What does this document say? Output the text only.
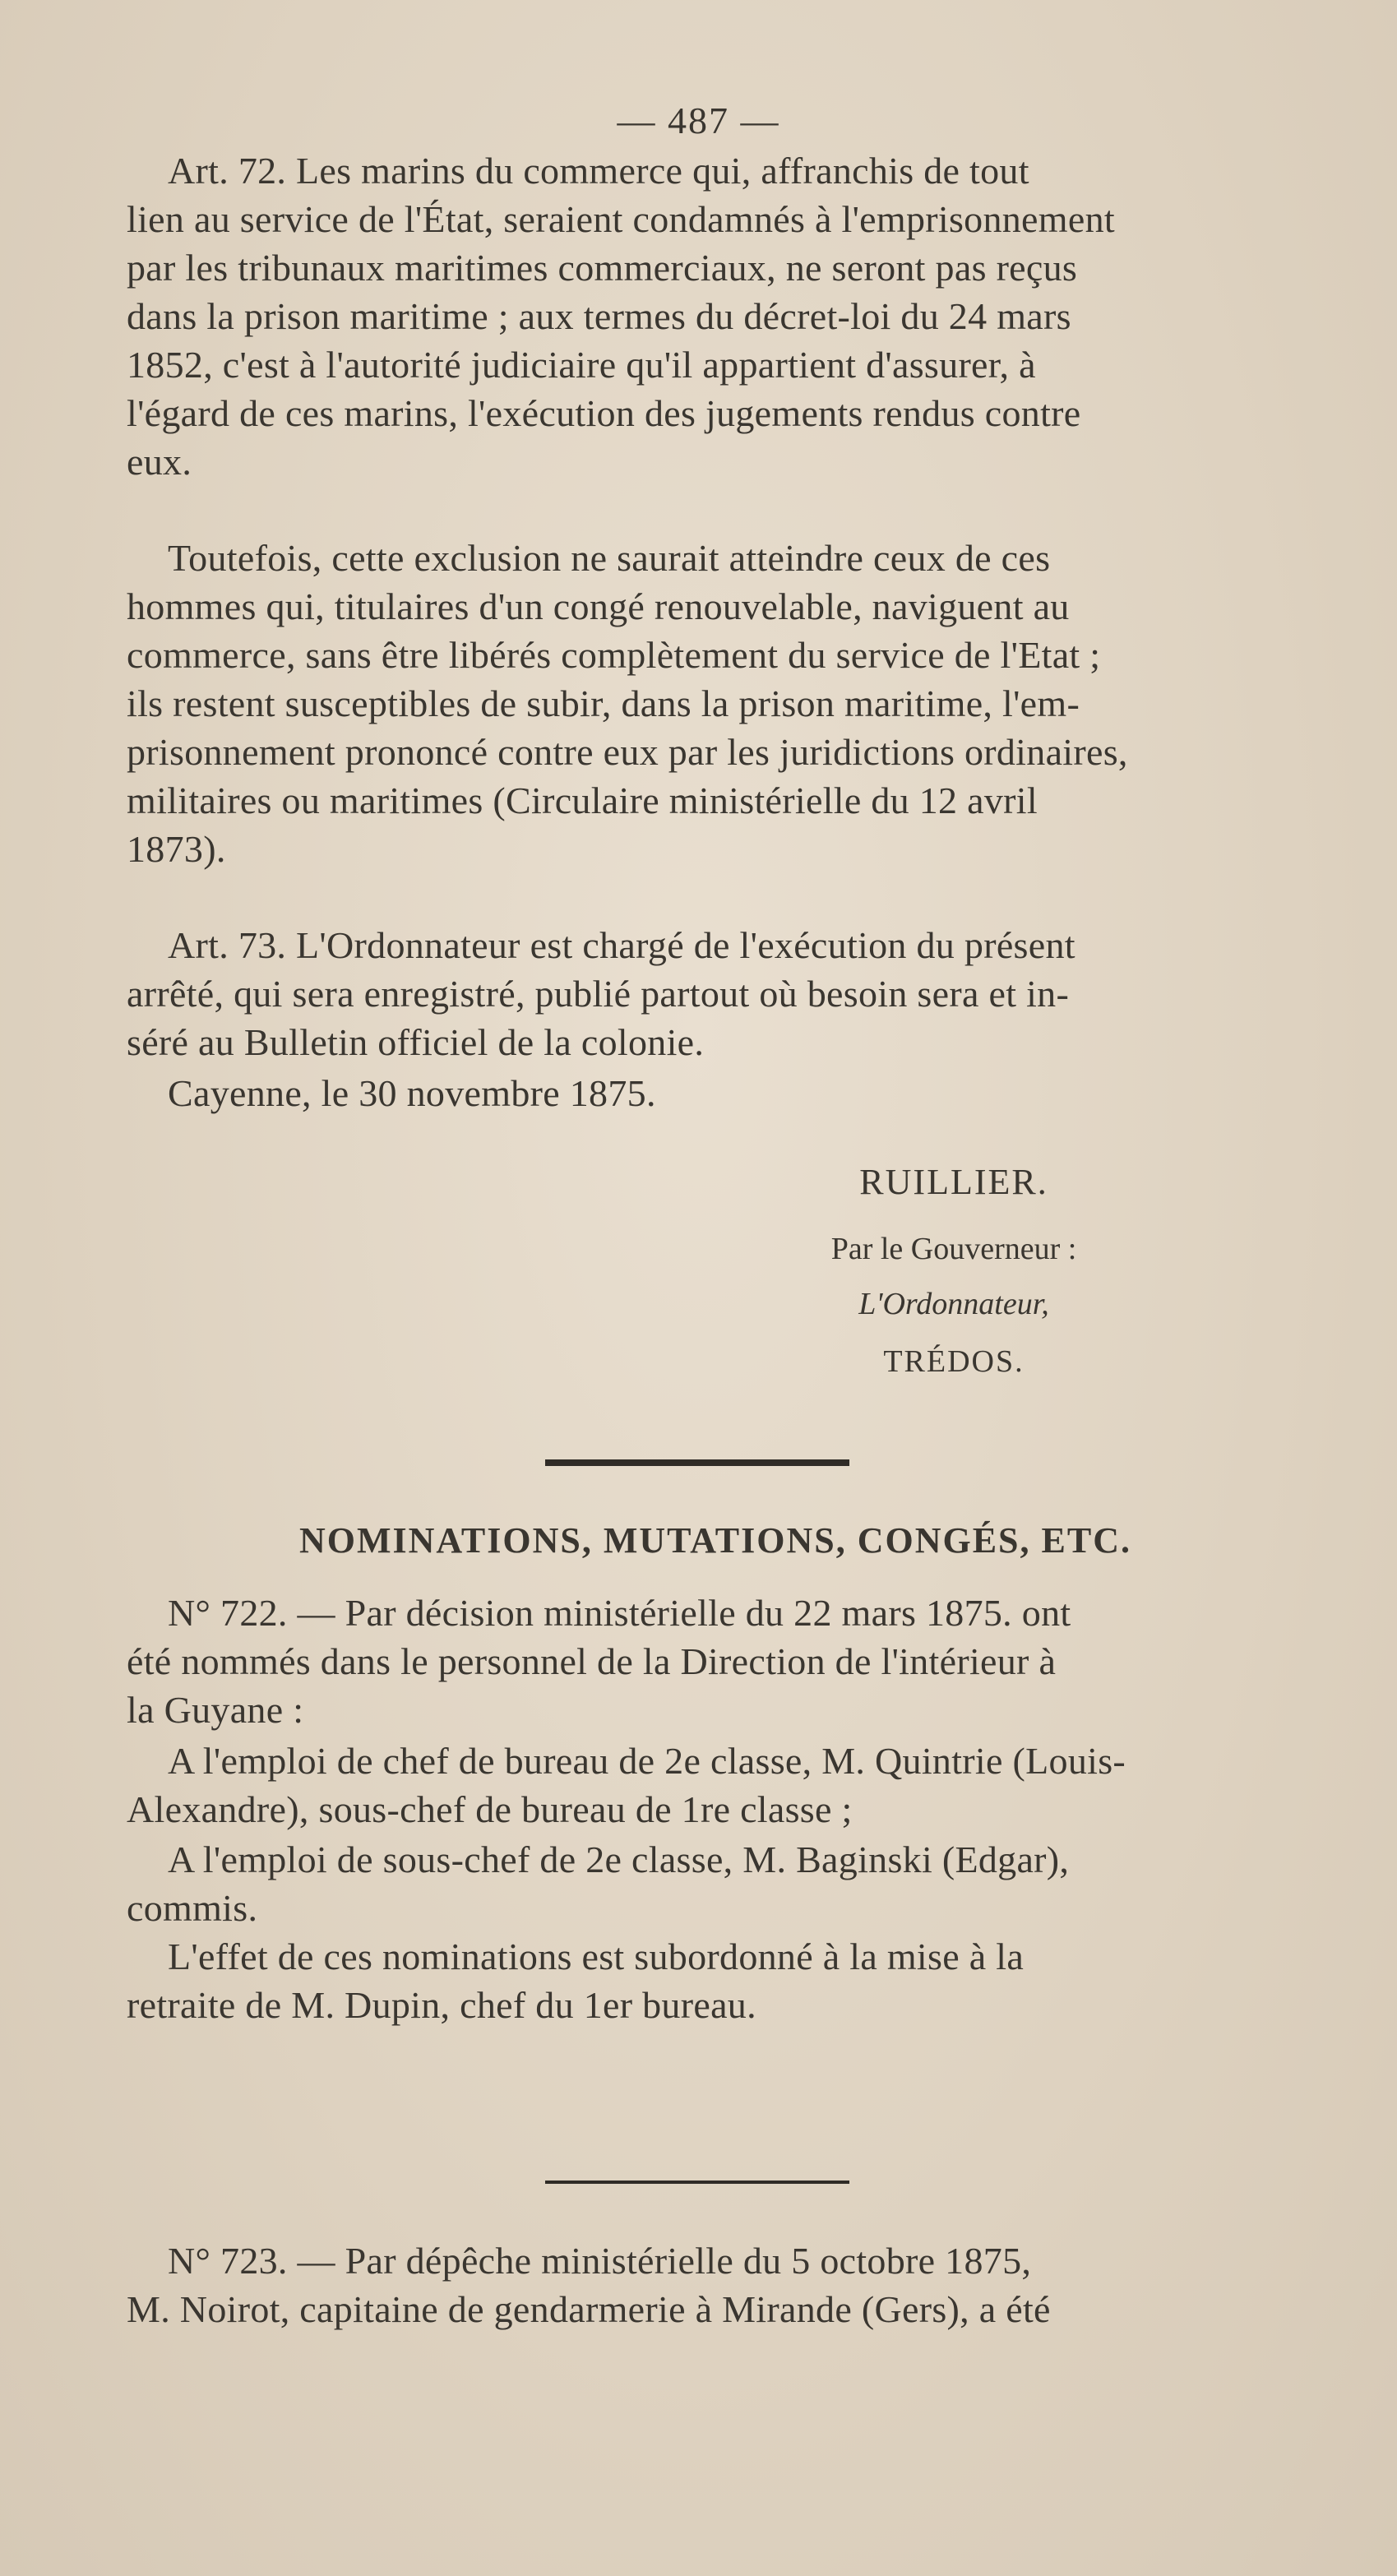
— 487 —

Art. 72. Les marins du commerce qui, affranchis de tout

lien au service de l'État, seraient condamnés à l'emprisonnement

par les tribunaux maritimes commerciaux, ne seront pas reçus

dans la prison maritime ; aux termes du décret-loi du 24 mars

1852, c'est à l'autorité judiciaire qu'il appartient d'assurer, à

l'égard de ces marins, l'exécution des jugements rendus contre

eux.

Toutefois, cette exclusion ne saurait atteindre ceux de ces

hommes qui, titulaires d'un congé renouvelable, naviguent au

commerce, sans être libérés complètement du service de l'Etat ;

ils restent susceptibles de subir, dans la prison maritime, l'em-

prisonnement prononcé contre eux par les juridictions ordinaires,

militaires ou maritimes (Circulaire ministérielle du 12 avril

1873).

Art. 73. L'Ordonnateur est chargé de l'exécution du présent

arrêté, qui sera enregistré, publié partout où besoin sera et in-

séré au Bulletin officiel de la colonie.

Cayenne, le 30 novembre 1875.

RUILLIER.
Par le Gouverneur :
L'Ordonnateur,
TRÉDOS.
NOMINATIONS, MUTATIONS, CONGÉS, ETC.

N° 722. — Par décision ministérielle du 22 mars 1875. ont

été nommés dans le personnel de la Direction de l'intérieur à

la Guyane :

A l'emploi de chef de bureau de 2e classe, M. Quintrie (Louis-

Alexandre), sous-chef de bureau de 1re classe ;

A l'emploi de sous-chef de 2e classe, M. Baginski (Edgar),

commis.

L'effet de ces nominations est subordonné à la mise à la

retraite de M. Dupin, chef du 1er bureau.

N° 723. — Par dépêche ministérielle du 5 octobre 1875,

M. Noirot, capitaine de gendarmerie à Mirande (Gers), a été
